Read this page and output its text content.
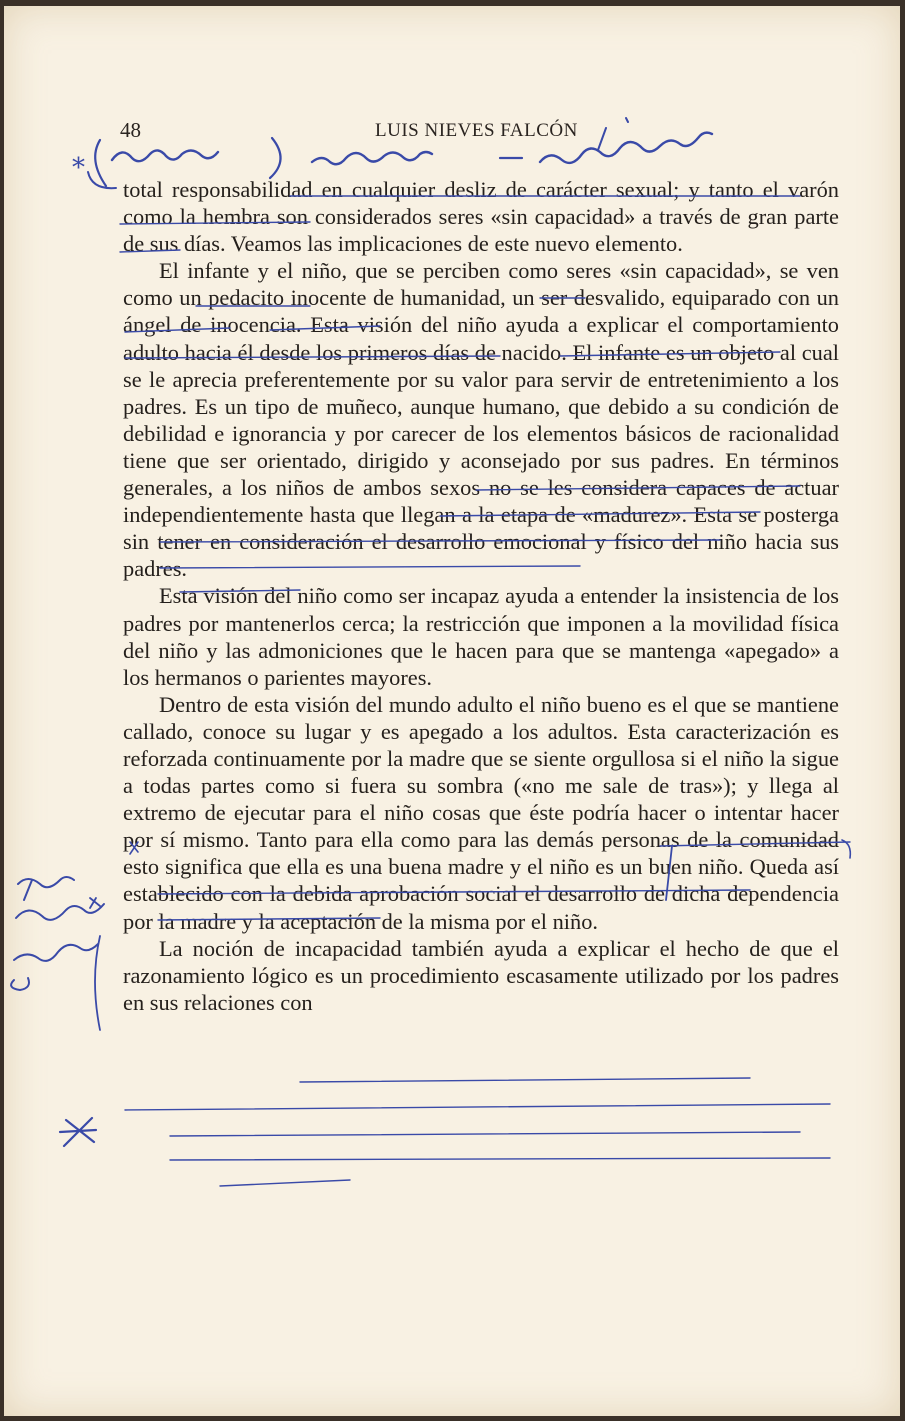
48	LUIS NIEVES FALCÓN

total responsabilidad en cualquier desliz de carácter sexual; y tanto el varón como la hembra son considerados seres «sin capacidad» a través de gran parte de sus días. Veamos las implicaciones de este nuevo elemento.

El infante y el niño, que se perciben como seres «sin capacidad», se ven como un pedacito inocente de humanidad, un ser desvalido, equiparado con un ángel de inocencia. Esta visión del niño ayuda a explicar el comportamiento adulto hacia él desde los primeros días de nacido. El infante es un objeto al cual se le aprecia preferentemente por su valor para servir de entretenimiento a los padres. Es un tipo de muñeco, aunque humano, que debido a su condición de debilidad e ignorancia y por carecer de los elementos básicos de racionalidad tiene que ser orientado, dirigido y aconsejado por sus padres. En términos generales, a los niños de ambos sexos no se les considera capaces de actuar independientemente hasta que llegan a la etapa de «madurez». Esta se posterga sin tener en consideración el desarrollo emocional y físico del niño hacia sus padres.

Esta visión del niño como ser incapaz ayuda a entender la insistencia de los padres por mantenerlos cerca; la restricción que imponen a la movilidad física del niño y las admoniciones que le hacen para que se mantenga «apegado» a los hermanos o parientes mayores.

Dentro de esta visión del mundo adulto el niño bueno es el que se mantiene callado, conoce su lugar y es apegado a los adultos. Esta caracterización es reforzada continuamente por la madre que se siente orgullosa si el niño la sigue a todas partes como si fuera su sombra («no me sale de tras»); y llega al extremo de ejecutar para el niño cosas que éste podría hacer o intentar hacer por sí mismo. Tanto para ella como para las demás personas de la comunidad esto significa que ella es una buena madre y el niño es un buen niño. Queda así establecido con la debida aprobación social el desarrollo de dicha dependencia por la madre y la aceptación de la misma por el niño.

La noción de incapacidad también ayuda a explicar el hecho de que el razonamiento lógico es un procedimiento escasamente utilizado por los padres en sus relaciones con

*
